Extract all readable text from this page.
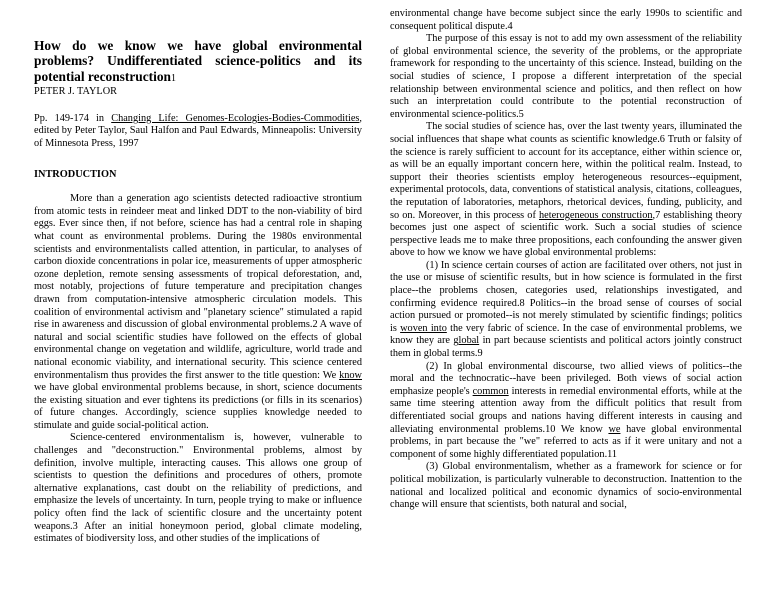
How do we know we have global environmental problems? Undifferentiated science-politics and its potential reconstruction1

PETER J. TAYLOR

Pp. 149-174 in Changing Life: Genomes-Ecologies-Bodies-Commodities, edited by Peter Taylor, Saul Halfon and Paul Edwards, Minneapolis: University of Minnesota Press, 1997

INTRODUCTION

More than a generation ago scientists detected radioactive strontium from atomic tests in reindeer meat and linked DDT to the non-viability of bird eggs. Ever since then, if not before, science has had a central role in shaping what count as environmental problems. During the 1980s environmental scientists and environmentalists called attention, in particular, to analyses of carbon dioxide concentrations in polar ice, measurements of upper atmospheric ozone depletion, remote sensing assessments of tropical deforestation, and, most notably, projections of future temperature and precipitation changes drawn from computation-intensive atmospheric circulation models. This coalition of environmental activism and "planetary science" stimulated a rapid rise in awareness and discussion of global environmental problems.2 A wave of natural and social scientific studies have followed on the effects of global environmental change on vegetation and wildlife, agriculture, world trade and national economic viability, and international security. This science centered environmentalism thus provides the first answer to the title question: We know we have global environmental problems because, in short, science documents the existing situation and ever tightens its predictions (or fills in its scenarios) of future changes. Accordingly, science supplies knowledge needed to stimulate and guide social-political action.

Science-centered environmentalism is, however, vulnerable to challenges and "deconstruction." Environmental problems, almost by definition, involve multiple, interacting causes. This allows one group of scientists to question the definitions and procedures of others, promote alternative explanations, cast doubt on the reliability of predictions, and emphasize the levels of uncertainty. In turn, people trying to make or influence policy often find the lack of scientific closure and the uncertainty potent weapons.3 After an initial honeymoon period, global climate modeling, estimates of biodiversity loss, and other studies of the implications of

environmental change have become subject since the early 1990s to scientific and consequent political dispute.4

The purpose of this essay is not to add my own assessment of the reliability of global environmental science, the severity of the problems, or the appropriate framework for responding to the uncertainty of this science. Instead, building on the social studies of science, I propose a different interpretation of the special relationship between environmental science and politics, and then reflect on how such an interpretation could contribute to the potential reconstruction of environmental science-politics.5

The social studies of science has, over the last twenty years, illuminated the social influences that shape what counts as scientific knowledge.6 Truth or falsity of the science is rarely sufficient to account for its acceptance, either within science or, as will be an equally important concern here, within the political realm. Instead, to support their theories scientists employ heterogeneous resources--equipment, experimental protocols, data, conventions of statistical analysis, citations, colleagues, the reputation of laboratories, metaphors, rhetorical devices, funding, publicity, and so on. Moreover, in this process of heterogeneous construction,7 establishing theory becomes just one aspect of scientific work. Such a social studies of science perspective leads me to make three propositions, each confounding the answer given above to how we know we have global environmental problems:

(1) In science certain courses of action are facilitated over others, not just in the use or misuse of scientific results, but in how science is formulated in the first place--the problems chosen, categories used, relationships investigated, and confirming evidence required.8 Politics--in the broad sense of courses of social action pursued or promoted--is not merely stimulated by scientific findings; politics is woven into the very fabric of science. In the case of environmental problems, we know they are global in part because scientists and political actors jointly construct them in global terms.9

(2) In global environmental discourse, two allied views of politics--the moral and the technocratic--have been privileged. Both views of social action emphasize people's common interests in remedial environmental efforts, while at the same time steering attention away from the difficult politics that result from differentiated social groups and nations having different interests in causing and alleviating environmental problems.10 We know we have global environmental problems, in part because the "we" referred to acts as if it were unitary and not a component of some highly differentiated population.11

(3) Global environmentalism, whether as a framework for science or for political mobilization, is particularly vulnerable to deconstruction. Inattention to the national and localized political and economic dynamics of socio-environmental change will ensure that scientists, both natural and social,
